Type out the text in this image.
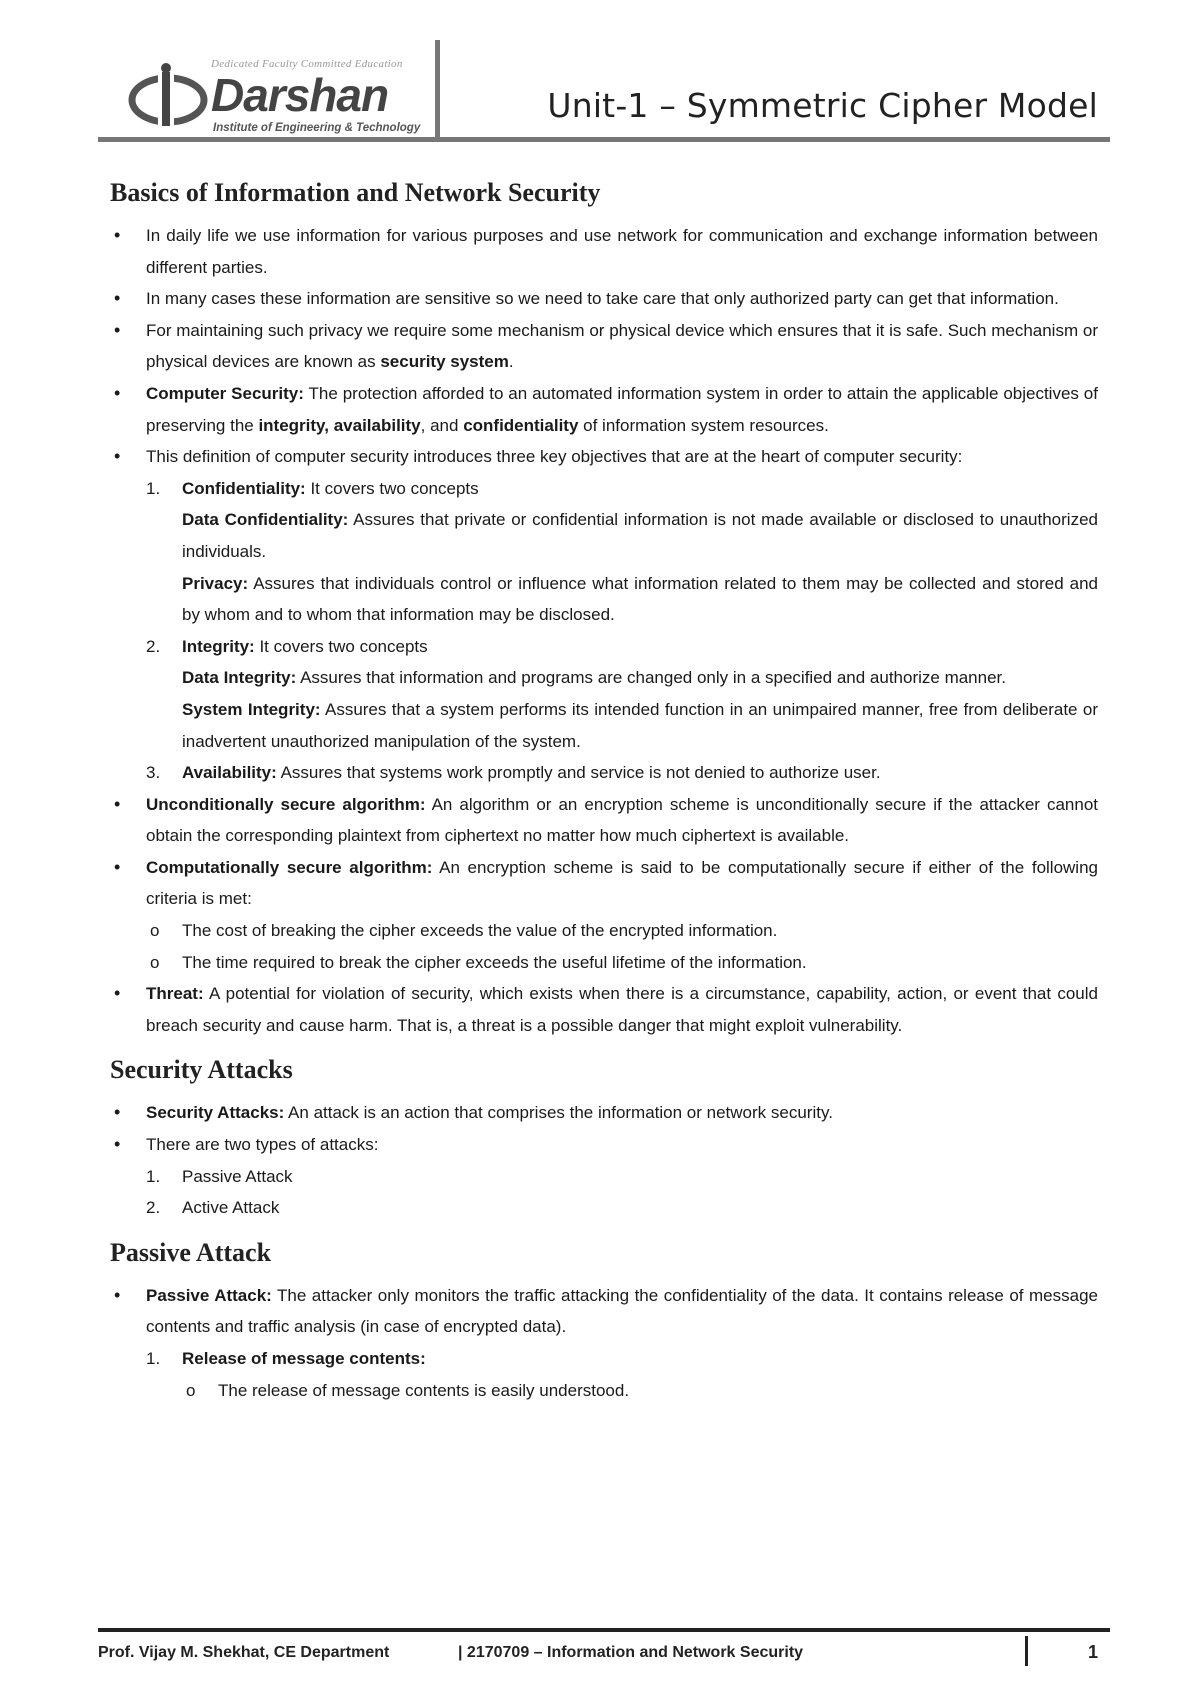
Dedicated Faculty Committed Education
Darshan
Institute of Engineering & Technology
Unit-1 – Symmetric Cipher Model
Basics of Information and Network Security
• In daily life we use information for various purposes and use network for communication and exchange information between different parties.
• In many cases these information are sensitive so we need to take care that only authorized party can get that information.
• For maintaining such privacy we require some mechanism or physical device which ensures that it is safe. Such mechanism or physical devices are known as security system.
• Computer Security: The protection afforded to an automated information system in order to attain the applicable objectives of preserving the integrity, availability, and confidentiality of information system resources.
• This definition of computer security introduces three key objectives that are at the heart of computer security:
1. Confidentiality: It covers two concepts
Data Confidentiality: Assures that private or confidential information is not made available or disclosed to unauthorized individuals.
Privacy: Assures that individuals control or influence what information related to them may be collected and stored and by whom and to whom that information may be disclosed.
2. Integrity: It covers two concepts
Data Integrity: Assures that information and programs are changed only in a specified and authorize manner.
System Integrity: Assures that a system performs its intended function in an unimpaired manner, free from deliberate or inadvertent unauthorized manipulation of the system.
3. Availability: Assures that systems work promptly and service is not denied to authorize user.
• Unconditionally secure algorithm: An algorithm or an encryption scheme is unconditionally secure if the attacker cannot obtain the corresponding plaintext from ciphertext no matter how much ciphertext is available.
• Computationally secure algorithm: An encryption scheme is said to be computationally secure if either of the following criteria is met:
o The cost of breaking the cipher exceeds the value of the encrypted information.
o The time required to break the cipher exceeds the useful lifetime of the information.
• Threat: A potential for violation of security, which exists when there is a circumstance, capability, action, or event that could breach security and cause harm. That is, a threat is a possible danger that might exploit vulnerability.
Security Attacks
• Security Attacks: An attack is an action that comprises the information or network security.
• There are two types of attacks:
1. Passive Attack
2. Active Attack
Passive Attack
• Passive Attack: The attacker only monitors the traffic attacking the confidentiality of the data. It contains release of message contents and traffic analysis (in case of encrypted data).
1. Release of message contents:
o The release of message contents is easily understood.
Prof. Vijay M. Shekhat, CE Department	| 2170709 – Information and Network Security	1
